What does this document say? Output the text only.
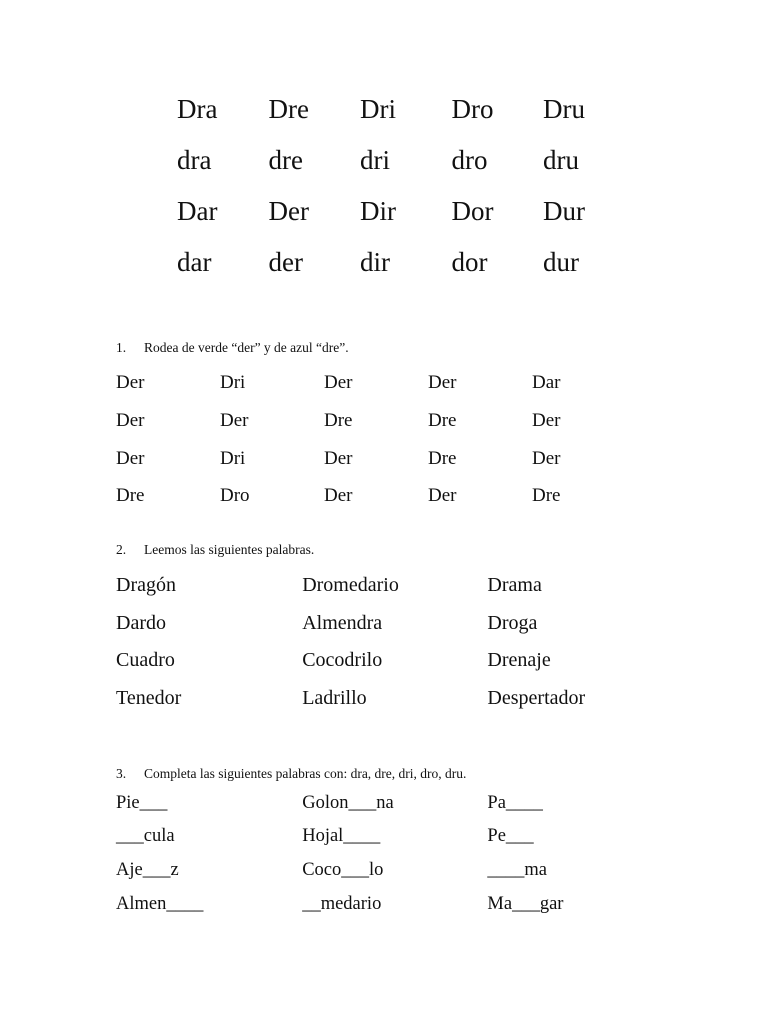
Dra	Dre	Dri	Dro	Dru
dra	dre	dri	dro	dru
Dar	Der	Dir	Dor	Dur
dar	der	dir	dor	dur
1.	Rodea de verde “der” y de azul “dre”.
Der	Dri	Der	Der	Dar
Der	Der	Dre	Dre	Der
Der	Dri	Der	Dre	Der
Dre	Dro	Der	Der	Dre
2.	Leemos las siguientes palabras.
Dragón	Dromedario	Drama
Dardo	Almendra	Droga
Cuadro	Cocodrilo	Drenaje
Tenedor	Ladrillo	Despertador
3.	Completa las siguientes palabras con: dra, dre, dri, dro, dru.
Pie___	Golon___na	Pa____
___cula	Hojal____	Pe___
Aje___z	Coco___lo	____ma
Almen____	__medario	Ma___gar
